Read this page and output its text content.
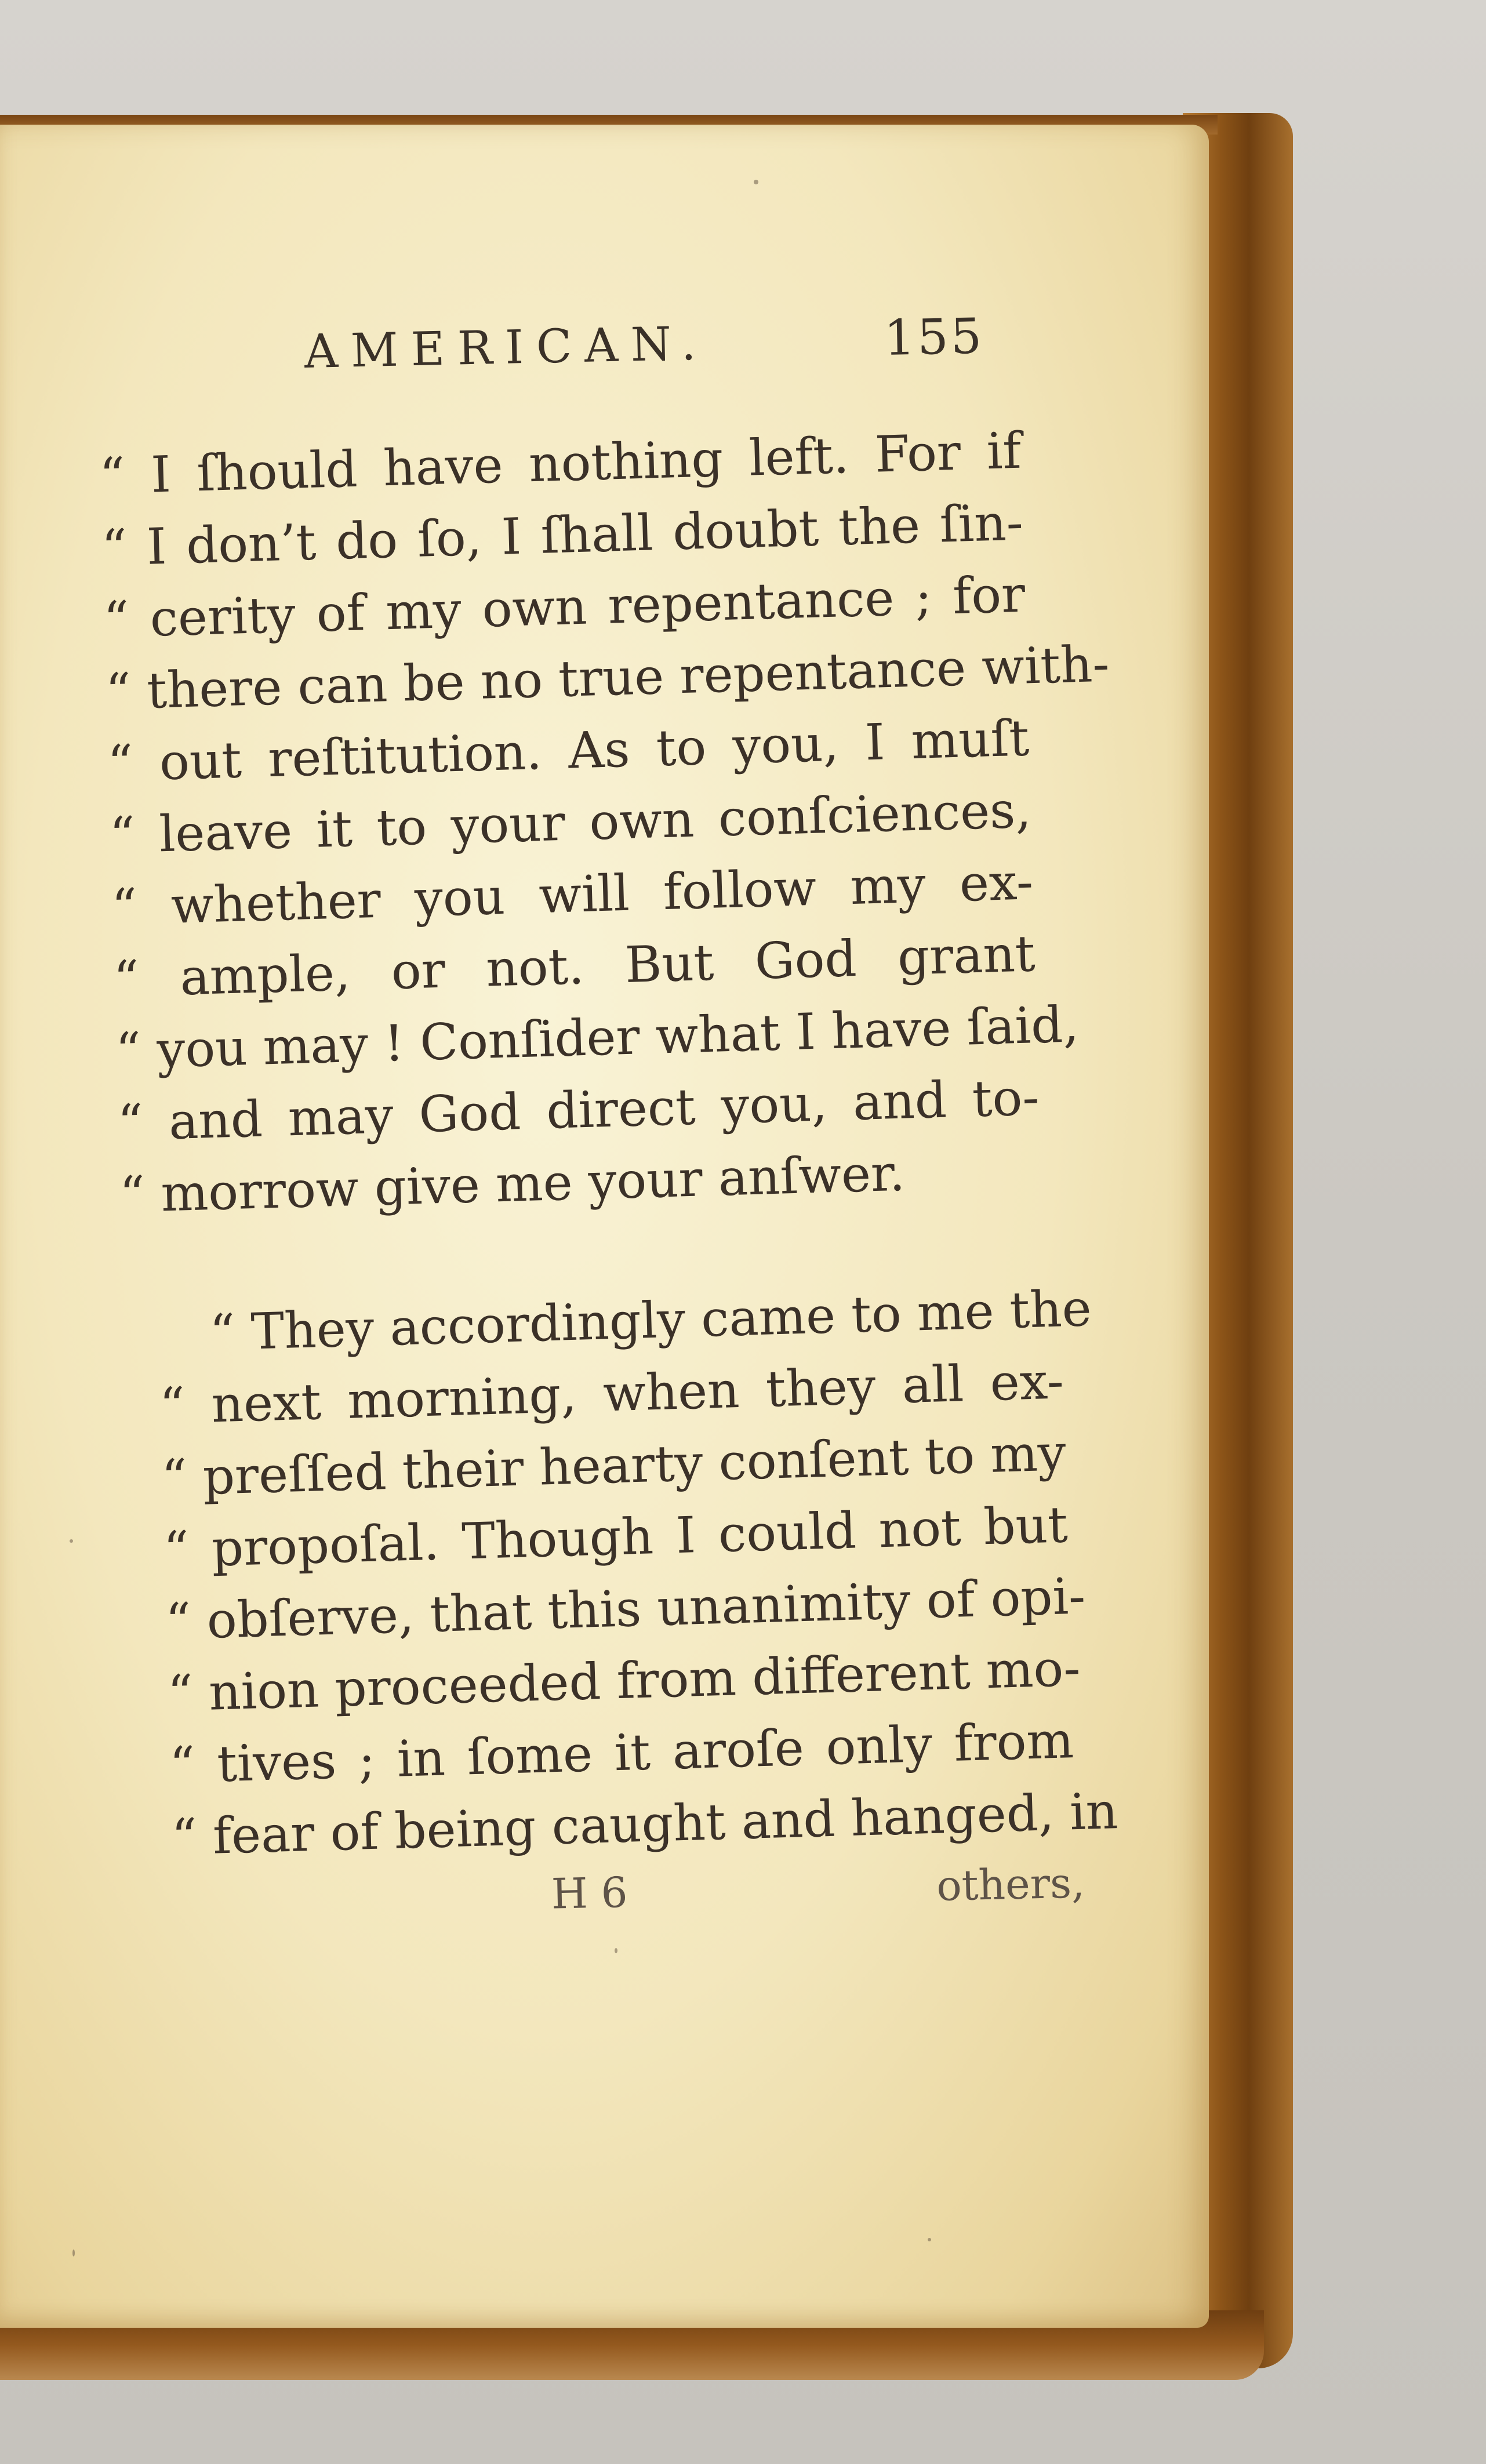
AMERICAN.	155
“ I ſhould have nothing left. For if
“ I don’t do ſo, I ſhall doubt the ſin-
“ cerity of my own repentance ; for
“ there can be no true repentance with-
“ out reſtitution. As to you, I muſt
“ leave it to your own conſciences,
“ whether you will follow my ex-
“ ample, or not. But God grant
“ you may ! Conſider what I have ſaid,
“ and may God direct you, and to-
“ morrow give me your anſwer.
“ They accordingly came to me the
“ next morning, when they all ex-
“ preſſed their hearty conſent to my
“ propoſal. Though I could not but
“ obſerve, that this unanimity of opi-
“ nion proceeded from different mo-
“ tives ; in ſome it aroſe only from
“ fear of being caught and hanged, in
H 6	others,
